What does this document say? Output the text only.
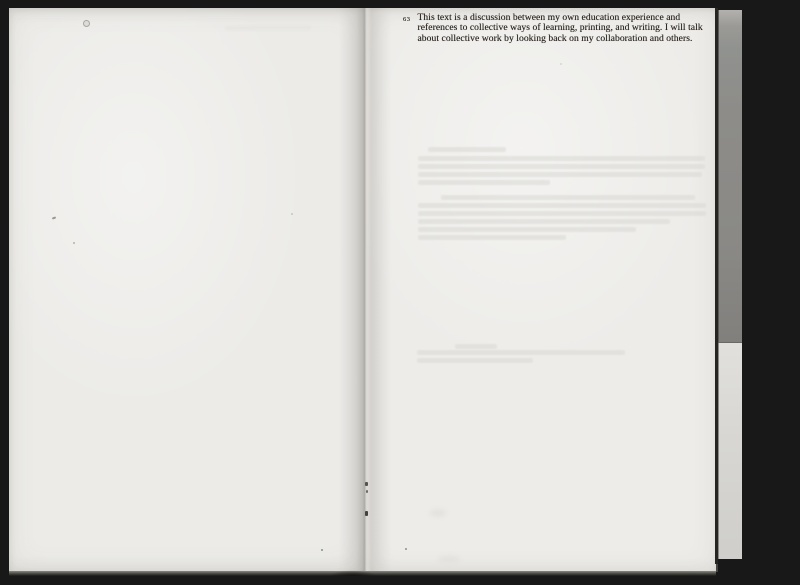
63 This text is a discussion between my own education experience and
references to collective ways of learning, printing, and writing. I will talk
about collective work by looking back on my collaboration and others.
